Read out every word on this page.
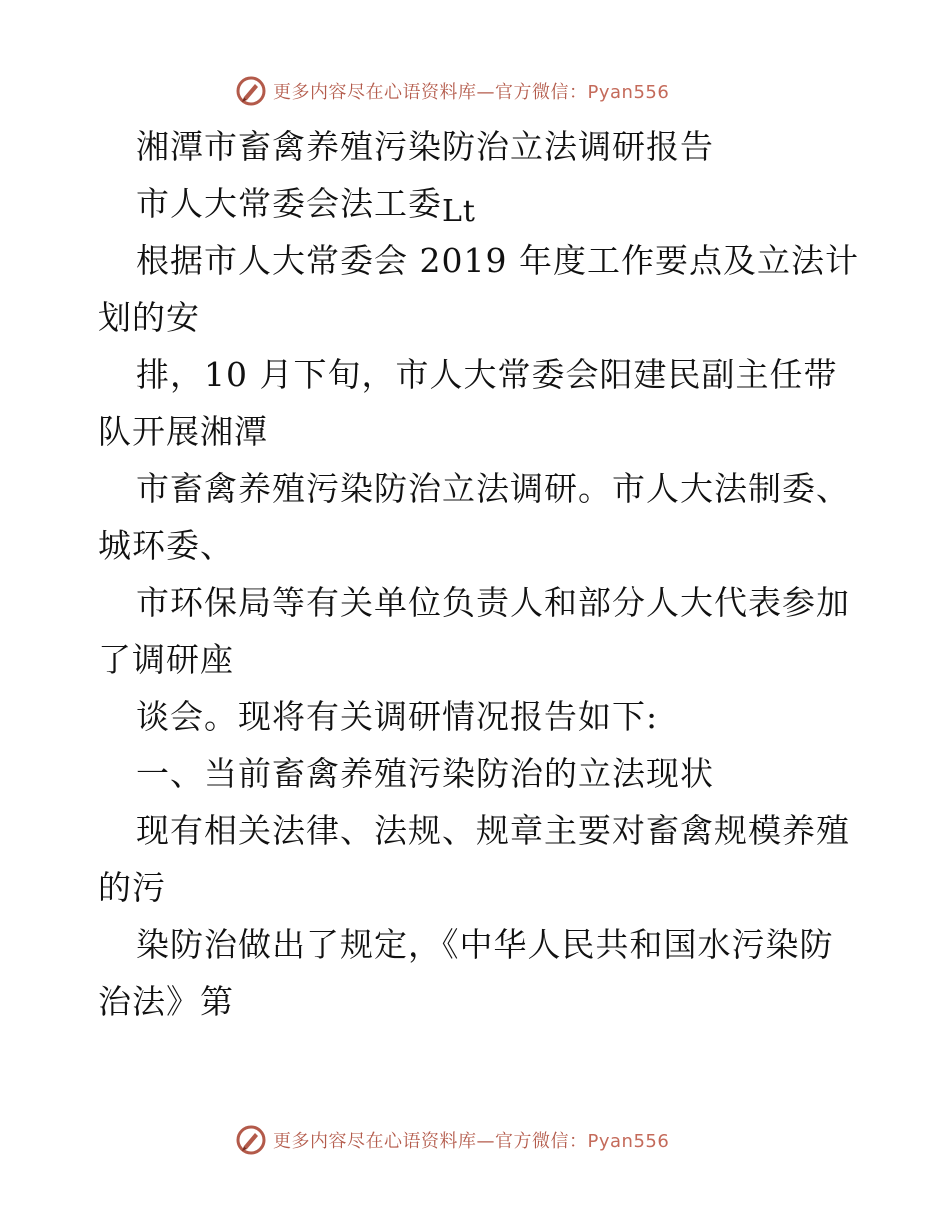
更多内容尽在心语资料库—官方微信：Pyan556
湘潭市畜禽养殖污染防治立法调研报告
市人大常委会法工委Lt
根据市人大常委会 2019 年度工作要点及立法计
划的安
排，10 月下旬，市人大常委会阳建民副主任带
队开展湘潭
市畜禽养殖污染防治立法调研。市人大法制委、
城环委、
市环保局等有关单位负责人和部分人大代表参加
了调研座
谈会。现将有关调研情况报告如下:
一、当前畜禽养殖污染防治的立法现状
现有相关法律、法规、规章主要对畜禽规模养殖
的污
染防治做出了规定，《中华人民共和国水污染防
治法》第
更多内容尽在心语资料库—官方微信：Pyan556
